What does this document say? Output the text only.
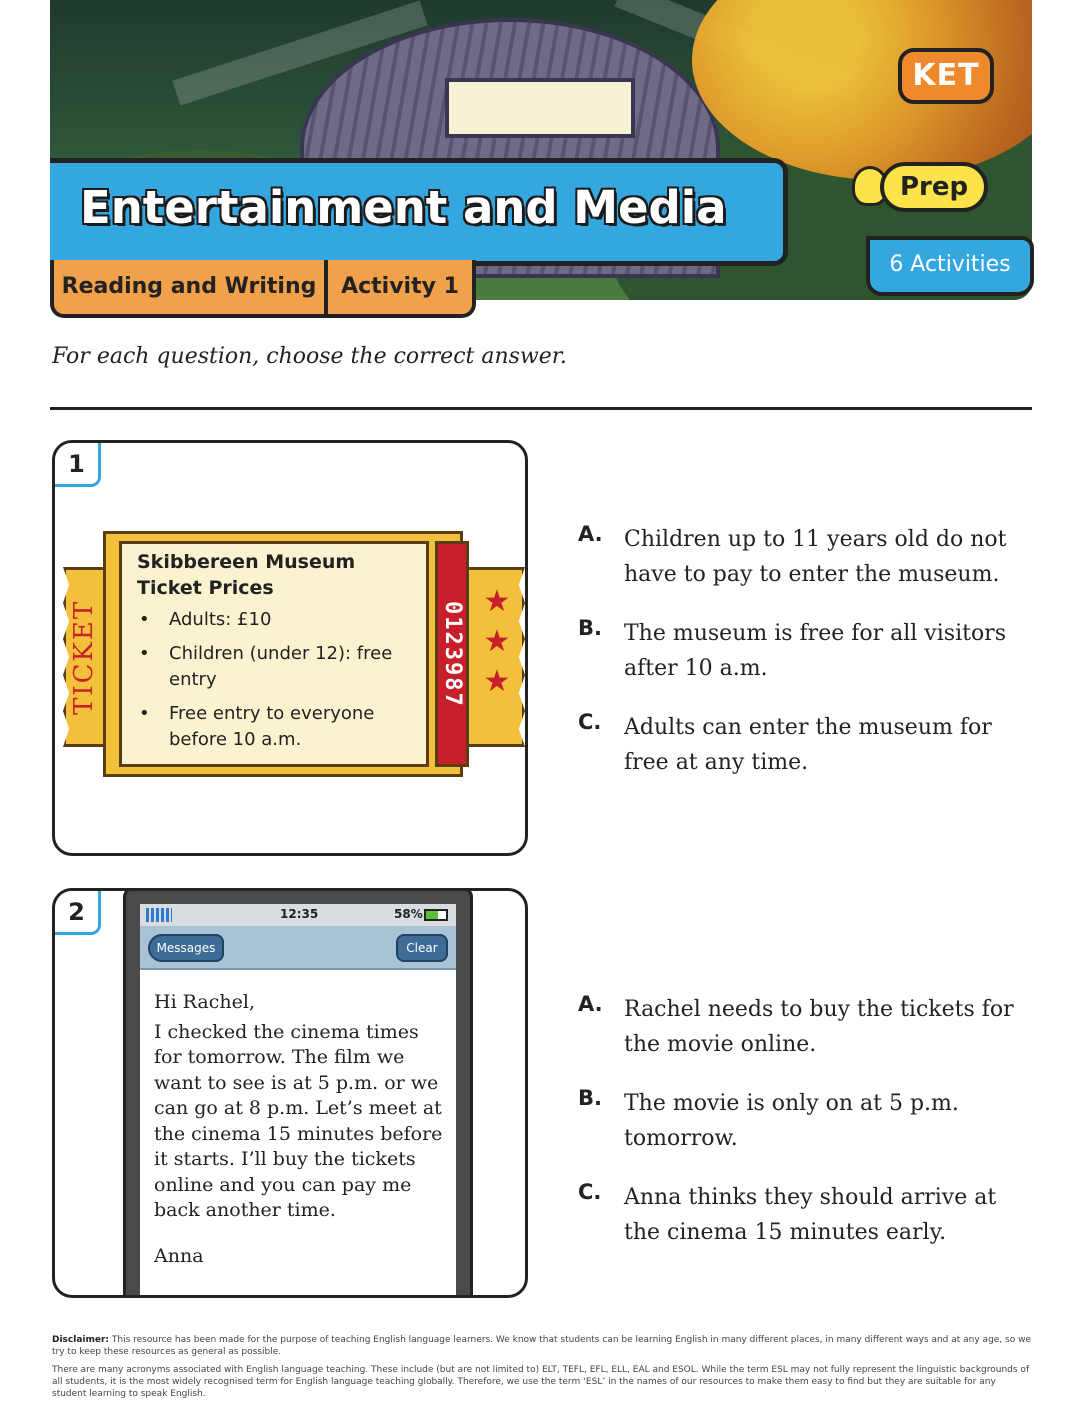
KET
Prep
6 Activities
Entertainment and Media
Reading and Writing	Activity 1
For each question, choose the correct answer.
1
TICKET	0123987 ★
★
★
Skibbereen Museum Ticket Prices
• Adults: £10
• Children (under 12): free entry
• Free entry to everyone before 10 a.m.
A. Children up to 11 years old do not have to pay to enter the museum.
B. The museum is free for all visitors after 10 a.m.
C. Adults can enter the museum for free at any time.
2	12:35	58%
Messages	Clear
Hi Rachel,
I checked the cinema times for tomorrow. The film we want to see is at 5 p.m. or we can go at 8 p.m. Let’s meet at the cinema 15 minutes before it starts. I’ll buy the tickets online and you can pay me back another time.
Anna
A. Rachel needs to buy the tickets for the movie online.
B. The movie is only on at 5 p.m. tomorrow.
C. Anna thinks they should arrive at the cinema 15 minutes early.

Disclaimer: This resource has been made for the purpose of teaching English language learners. We know that students can be learning English in many different places, in many different ways and at any age, so we try to keep these resources as general as possible.

There are many acronyms associated with English language teaching. These include (but are not limited to) ELT, TEFL, EFL, ELL, EAL and ESOL. While the term ESL may not fully represent the linguistic backgrounds of all students, it is the most widely recognised term for English language teaching globally. Therefore, we use the term ‘ESL’ in the names of our resources to make them easy to find but they are suitable for any student learning to speak English.
